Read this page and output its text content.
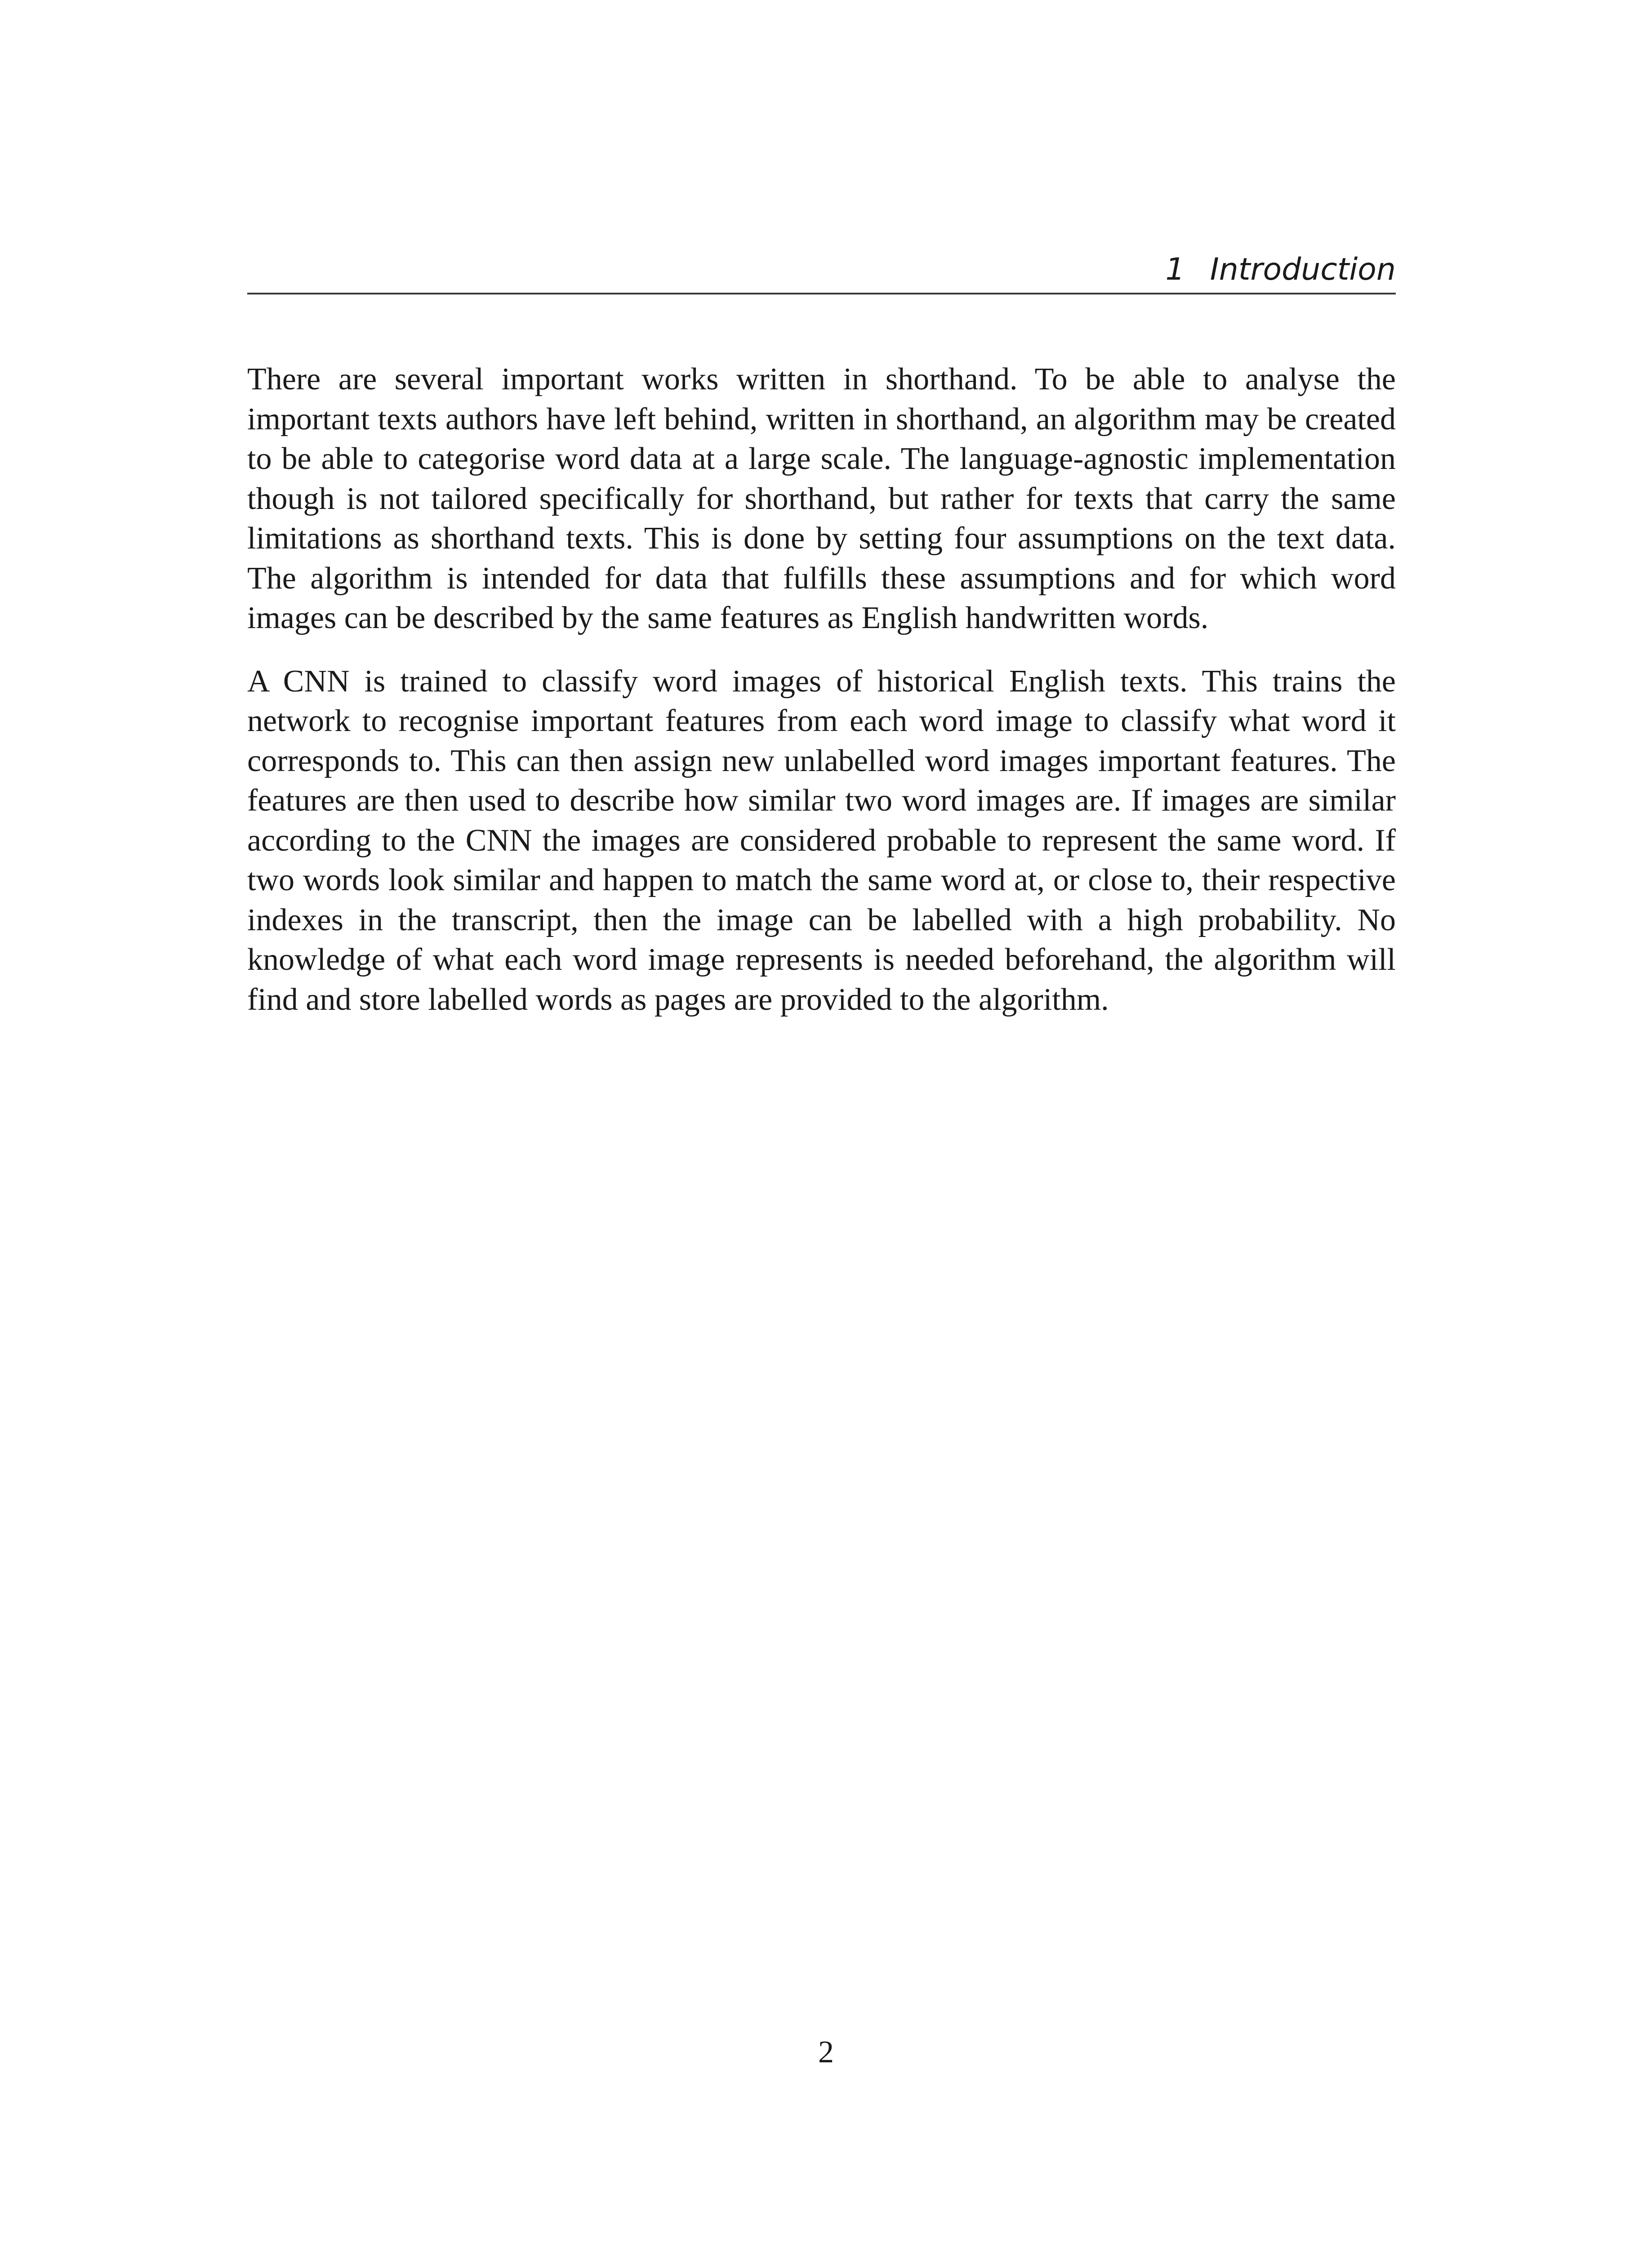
1 Introduction

There are several important works written in shorthand. To be able to analyse the important texts authors have left behind, written in shorthand, an algorithm may be created to be able to categorise word data at a large scale. The language-agnostic implementation though is not tailored specifically for shorthand, but rather for texts that carry the same limitations as shorthand texts. This is done by setting four assumptions on the text data. The algorithm is intended for data that fulfills these assumptions and for which word images can be described by the same features as English handwritten words.

A CNN is trained to classify word images of historical English texts. This trains the network to recognise important features from each word image to classify what word it corresponds to. This can then assign new unlabelled word images important features. The features are then used to describe how similar two word images are. If images are similar according to the CNN the images are considered probable to represent the same word. If two words look similar and happen to match the same word at, or close to, their respective indexes in the transcript, then the image can be labelled with a high probability. No knowledge of what each word image represents is needed beforehand, the algorithm will find and store labelled words as pages are provided to the algorithm.

2
